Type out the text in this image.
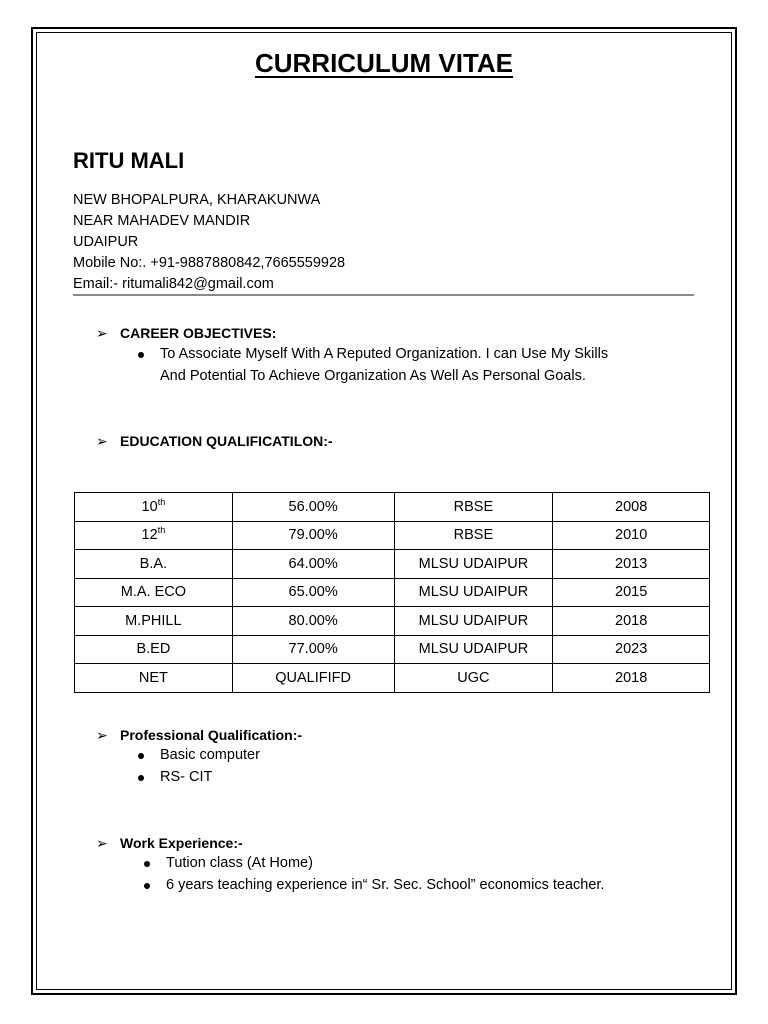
CURRICULUM VITAE
RITU MALI
NEW BHOPALPURA, KHARAKUNWA
NEAR MAHADEV MANDIR
UDAIPUR
Mobile No:. +91-9887880842,7665559928
Email:- ritumali842@gmail.com
➢ CAREER OBJECTIVES:
To Associate Myself With A Reputed Organization. I can Use My Skills
And Potential To Achieve Organization As Well As Personal Goals.
➢ EDUCATION QUALIFICATILON:-
10th	56.00%	RBSE	2008
12th	79.00%	RBSE	2010
B.A.	64.00%	MLSU UDAIPUR	2013
M.A. ECO	65.00%	MLSU UDAIPUR	2015
M.PHILL	80.00%	MLSU UDAIPUR	2018
B.ED	77.00%	MLSU UDAIPUR	2023
NET	QUALIFIFD	UGC	2018
➢ Professional Qualification:-
Basic computer
RS- CIT
➢ Work Experience:-
Tution class (At Home)
6 years teaching experience in“ Sr. Sec. School” economics teacher.
